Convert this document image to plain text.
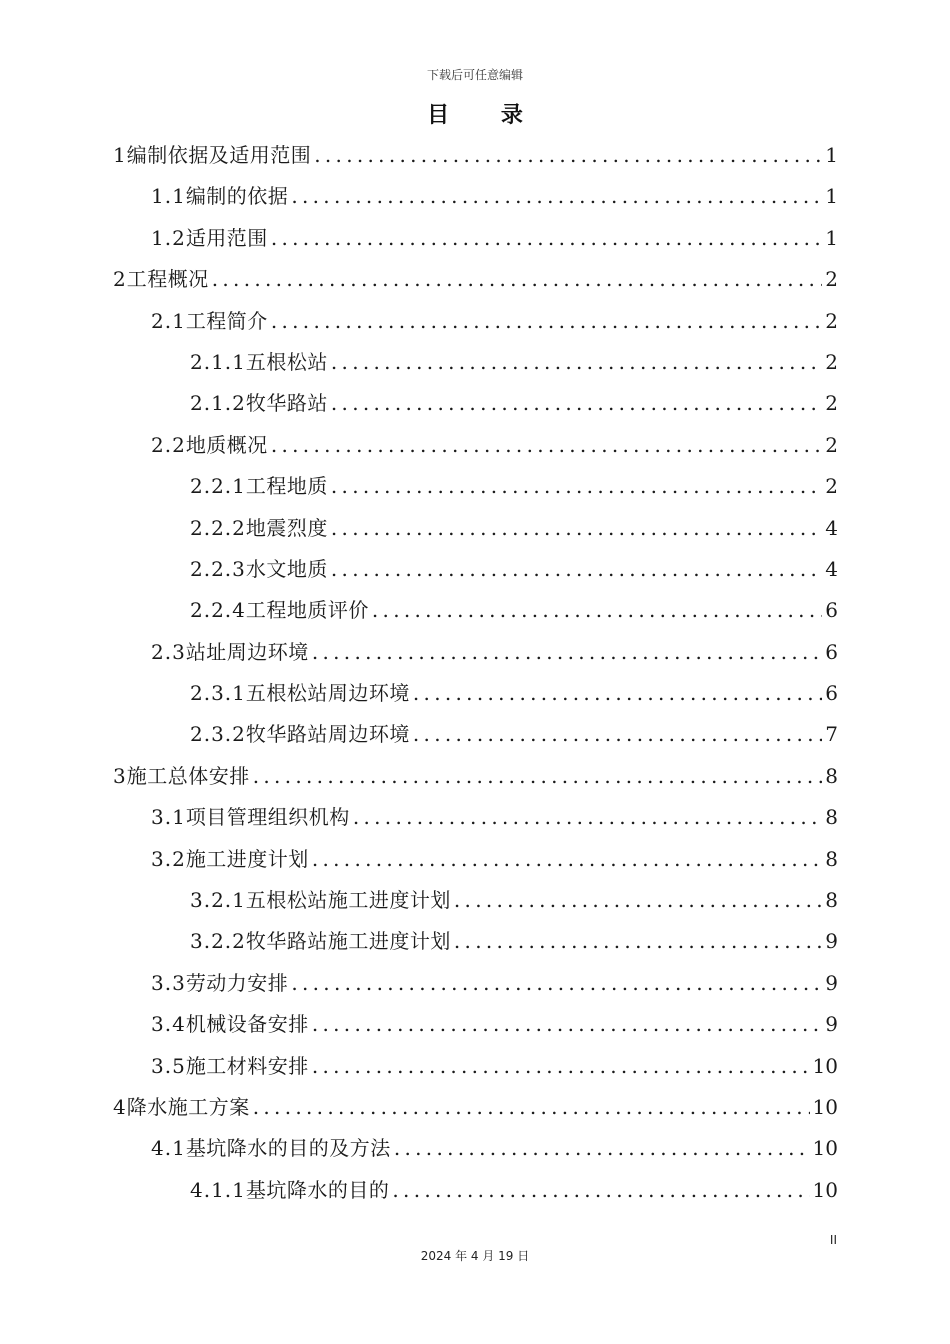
下载后可任意编辑
目 录
1 编制依据及适用范围 .....	1
1.1 编制的依据 .....	1
1.2 适用范围 .....	1
2 工程概况 .....	2
2.1 工程简介 .....	2
2.1.1 五根松站 .....	2
2.1.2 牧华路站 .....	2
2.2 地质概况 .....	2
2.2.1 工程地质 .....	2
2.2.2 地震烈度 .....	4
2.2.3 水文地质 .....	4
2.2.4 工程地质评价 .....	6
2.3 站址周边环境 .....	6
2.3.1 五根松站周边环境 .....	6
2.3.2 牧华路站周边环境 .....	7
3 施工总体安排 .....	8
3.1 项目管理组织机构 .....	8
3.2 施工进度计划 .....	8
3.2.1 五根松站施工进度计划 .....	8
3.2.2 牧华路站施工进度计划 .....	9
3.3 劳动力安排 .....	9
3.4 机械设备安排 .....	9
3.5 施工材料安排 .....	10
4 降水施工方案 .....	10
4.1 基坑降水的目的及方法 .....	10
4.1.1 基坑降水的目的 .....	10
II
2024 年 4 月 19 日
